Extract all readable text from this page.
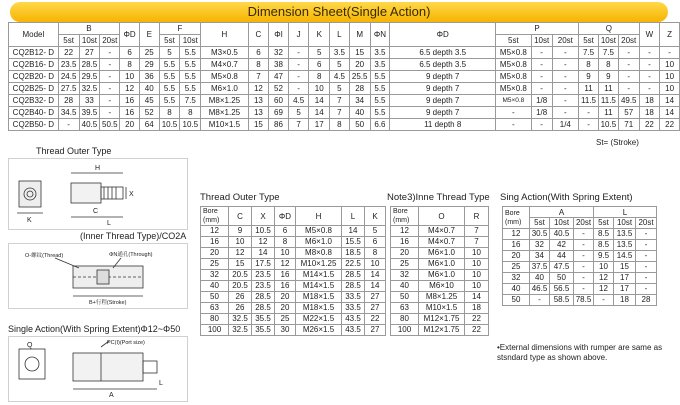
Dimension Sheet(Single Action)
Model	B			ΦD	E	F		H	C	ΦI	J	K	L	M	ΦN	ΦD	P			Q			W	Z
	5st	10st	20st			5st	10st										5st	10st	20st	5st	10st	20st		
CQ2B12- D	22	27	-	6	25	5	5.5	M3×0.5	6	32	-	5	3.5	15	3.5	6.5 depth 3.5	M5×0.8	-	-	7.5	7.5	-	-	-
CQ2B16- D	23.5	28.5	-	8	29	5.5	5.5	M4×0.7	8	38	-	6	5	20	3.5	6.5 depth 3.5	M5×0.8	-	-	8	8	-	-	10
CQ2B20- D	24.5	29.5	-	10	36	5.5	5.5	M5×0.8	7	47	-	8	4.5	25.5	5.5	9 depth 7	M5×0.8	-	-	9	9	-	-	10
CQ2B25- D	27.5	32.5	-	12	40	5.5	5.5	M6×1.0	12	52	-	10	5	28	5.5	9 depth 7	M5×0.8	-	-	11	11	-	-	10
CQ2B32- D	28	33	-	16	45	5.5	7.5	M8×1.25	13	60	4.5	14	7	34	5.5	9 depth 7	M5×0.8	1/8	-	11.5	11.5	49.5	18	14
CQ2B40- D	34.5	39.5	-	16	52	8	8	M8×1.25	13	69	5	14	7	40	5.5	9 depth 7	-	1/8	-	-	11	57	18	14
CQ2B50- D	-	40.5	50.5	20	64	10.5	10.5	M10×1.5	15	86	7	17	8	50	6.6	11 depth 8	-	-	1/4	-	10.5	71	22	22
St= (Stroke)
Thread Outer Type
H
K
C
L
X
(Inner Thread Type)/CO2A
O-螺纹(Thread)	ΦN通孔(Through)
B+行程(Stroke)
Single Action(With Spring Extent)Φ12~Φ50
PC(I)(Port size)
Q
A
L
Thread Outer Type
Bore (mm)	C	X	ΦD	H	L	K
12	9	10.5	6	M5×0.8	14	5
16	10	12	8	M6×1.0	15.5	6
20	12	14	10	M8×0.8	18.5	8
25	15	17.5	12	M10×1.25	22.5	10
32	20.5	23.5	16	M14×1.5	28.5	14
40	20.5	23.5	16	M14×1.5	28.5	14
50	26	28.5	20	M18×1.5	33.5	27
63	26	28.5	20	M18×1.5	33.5	27
80	32.5	35.5	25	M22×1.5	43.5	22
100	32.5	35.5	30	M26×1.5	43.5	27
Note3)Inne Thread Type
Bore (mm)	O	R
12	M4×0.7	7
16	M4×0.7	7
20	M6×1.0	10
25	M6×1.0	10
32	M6×1.0	10
40	M6×10	10
50	M8×1.25	14
63	M10×1.5	18
80	M12×1.75	22
100	M12×1.75	22
Sing Action(With Spring Extent)
Bore (mm)	A			L		
	5st	10st	20st	5st	10st	20st
12	30.5	40.5	-	8.5	13.5	-
16	32	42	-	8.5	13.5	-
20	34	44	-	9.5	14.5	-
25	37.5	47.5	-	10	15	-
32	40	50	-	12	17	-
40	46.5	56.5	-	12	17	-
50	-	58.5	78.5	-	18	28
•External dimensions with rumper are same as stsndard type as shown above.
